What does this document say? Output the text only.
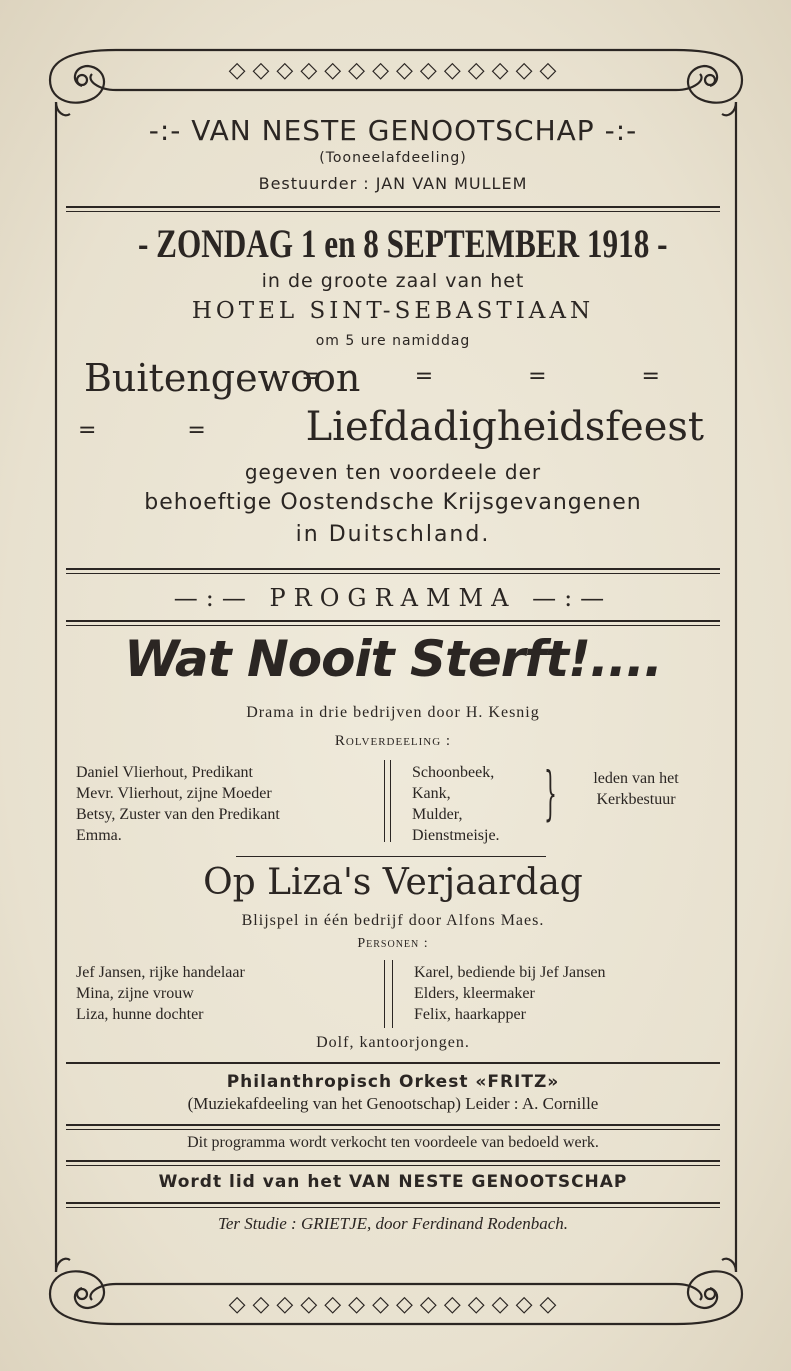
◇◇◇◇◇◇◇◇◇◇◇◇◇◇
◇◇◇◇◇◇◇◇◇◇◇◇◇◇
-:- VAN NESTE GENOOTSCHAP -:-
(Tooneelafdeeling)
Bestuurder : JAN VAN MULLEM
- ZONDAG 1 en 8 SEPTEMBER 1918 -
in de groote zaal van het
HOTEL SINT-SEBASTIAAN
om 5 ure namiddag
Buitengewoon
= = = =
= = Liefdadigheidsfeest
gegeven ten voordeele der
behoeftige Oostendsche Krijsgevangenen
in Duitschland.
—:— PROGRAMMA —:—
Wat Nooit Sterft!....
Drama in drie bedrijven door H. Kesnig
Rolverdeeling :
Daniel Vlierhout, Predikant
Mevr. Vlierhout, zijne Moeder
Betsy, Zuster van den Predikant
Emma.
Schoonbeek,
Kank,
Mulder,
Dienstmeisje.
}	leden van het
Kerkbestuur
Op Liza's Verjaardag
Blijspel in één bedrijf door Alfons Maes.
Personen :
Jef Jansen, rijke handelaar
Mina, zijne vrouw
Liza, hunne dochter
Karel, bediende bij Jef Jansen
Elders, kleermaker
Felix, haarkapper
Dolf, kantoorjongen.
Philanthropisch Orkest «FRITZ»
(Muziekafdeeling van het Genootschap) Leider : A. Cornille
Dit programma wordt verkocht ten voordeele van bedoeld werk.
Wordt lid van het VAN NESTE GENOOTSCHAP
Ter Studie : GRIETJE, door Ferdinand Rodenbach.
